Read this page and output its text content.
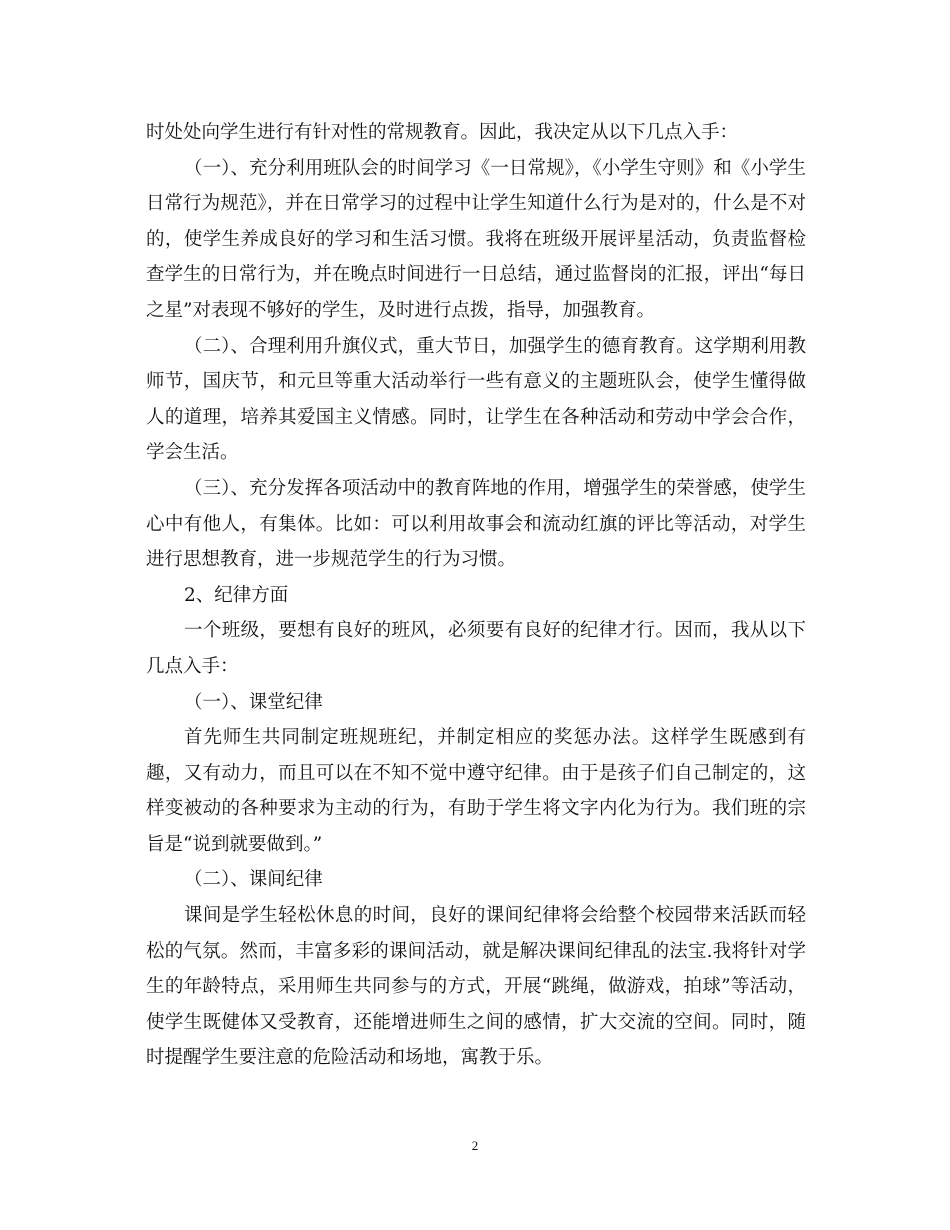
时处处向学生进行有针对性的常规教育。因此，我决定从以下几点入手：

（一）、充分利用班队会的时间学习《一日常规》，《小学生守则》和《小学生日常行为规范》，并在日常学习的过程中让学生知道什么行为是对的，什么是不对的，使学生养成良好的学习和生活习惯。我将在班级开展评星活动，负责监督检查学生的日常行为，并在晚点时间进行一日总结，通过监督岗的汇报，评出“每日之星”对表现不够好的学生，及时进行点拨，指导，加强教育。

（二）、合理利用升旗仪式，重大节日，加强学生的德育教育。这学期利用教师节，国庆节，和元旦等重大活动举行一些有意义的主题班队会，使学生懂得做人的道理，培养其爱国主义情感。同时，让学生在各种活动和劳动中学会合作，学会生活。

（三）、充分发挥各项活动中的教育阵地的作用，增强学生的荣誉感，使学生心中有他人，有集体。比如：可以利用故事会和流动红旗的评比等活动，对学生进行思想教育，进一步规范学生的行为习惯。

2、纪律方面

一个班级，要想有良好的班风，必须要有良好的纪律才行。因而，我从以下几点入手：

（一）、课堂纪律

首先师生共同制定班规班纪，并制定相应的奖惩办法。这样学生既感到有趣，又有动力，而且可以在不知不觉中遵守纪律。由于是孩子们自己制定的，这样变被动的各种要求为主动的行为，有助于学生将文字内化为行为。我们班的宗旨是“说到就要做到。”

（二）、课间纪律

课间是学生轻松休息的时间，良好的课间纪律将会给整个校园带来活跃而轻松的气氛。然而，丰富多彩的课间活动，就是解决课间纪律乱的法宝.我将针对学生的年龄特点，采用师生共同参与的方式，开展“跳绳，做游戏，拍球”等活动，使学生既健体又受教育，还能增进师生之间的感情，扩大交流的空间。同时，随时提醒学生要注意的危险活动和场地，寓教于乐。

2
